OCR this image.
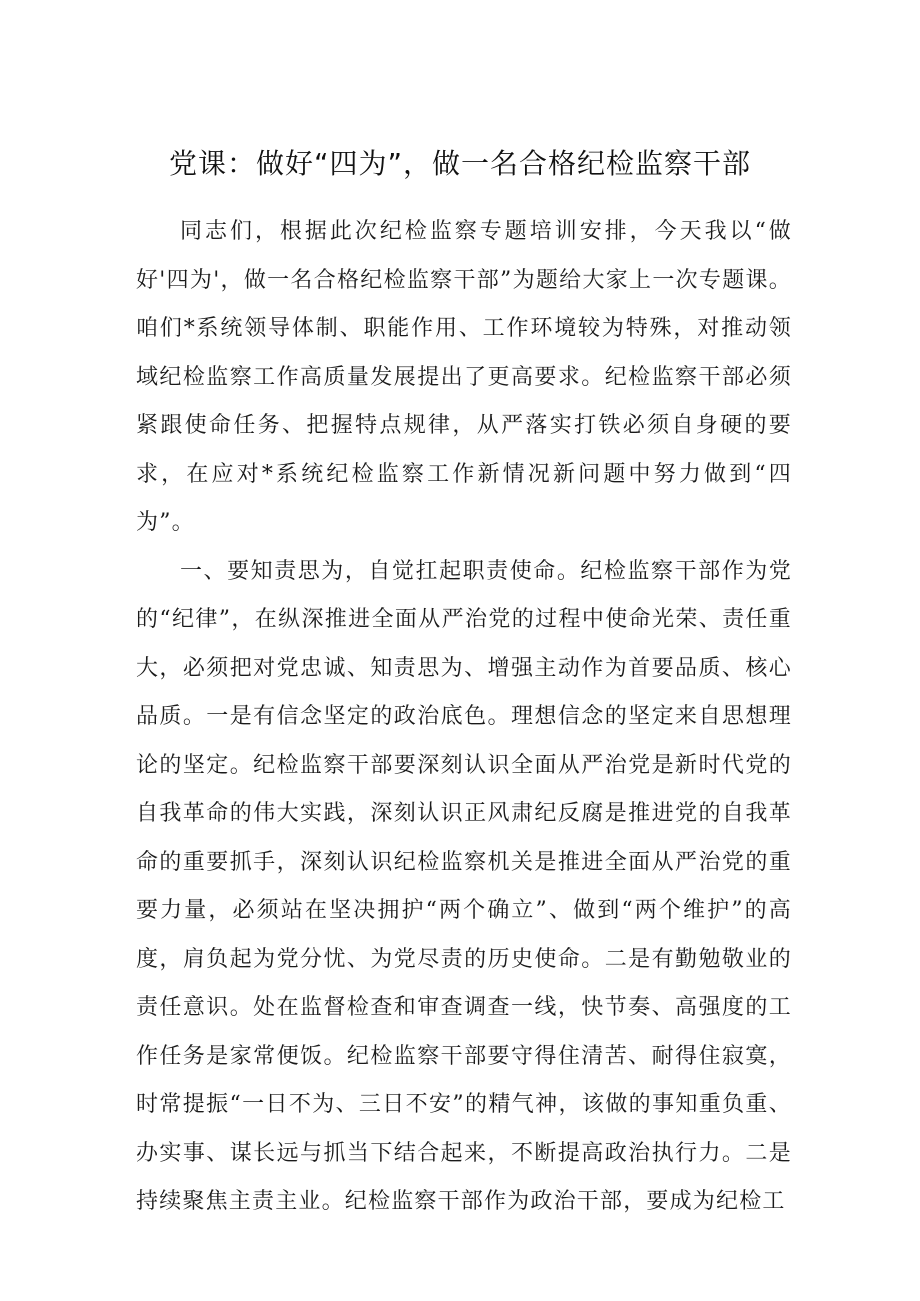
党课：做好“四为”，做一名合格纪检监察干部

同志们，根据此次纪检监察专题培训安排，今天我以“做好'四为'，做一名合格纪检监察干部”为题给大家上一次专题课。咱们*系统领导体制、职能作用、工作环境较为特殊，对推动领域纪检监察工作高质量发展提出了更高要求。纪检监察干部必须紧跟使命任务、把握特点规律，从严落实打铁必须自身硬的要求，在应对*系统纪检监察工作新情况新问题中努力做到“四为”。

一、要知责思为，自觉扛起职责使命。纪检监察干部作为党的“纪律”，在纵深推进全面从严治党的过程中使命光荣、责任重大，必须把对党忠诚、知责思为、增强主动作为首要品质、核心品质。一是有信念坚定的政治底色。理想信念的坚定来自思想理论的坚定。纪检监察干部要深刻认识全面从严治党是新时代党的自我革命的伟大实践，深刻认识正风肃纪反腐是推进党的自我革命的重要抓手，深刻认识纪检监察机关是推进全面从严治党的重要力量，必须站在坚决拥护“两个确立”、做到“两个维护”的高度，肩负起为党分忧、为党尽责的历史使命。二是有勤勉敬业的责任意识。处在监督检查和审查调查一线，快节奏、高强度的工作任务是家常便饭。纪检监察干部要守得住清苦、耐得住寂寞，时常提振“一日不为、三日不安”的精气神，该做的事知重负重、办实事、谋长远与抓当下结合起来，不断提高政治执行力。二是持续聚焦主责主业。纪检监察干部作为政治干部，要成为纪检工
